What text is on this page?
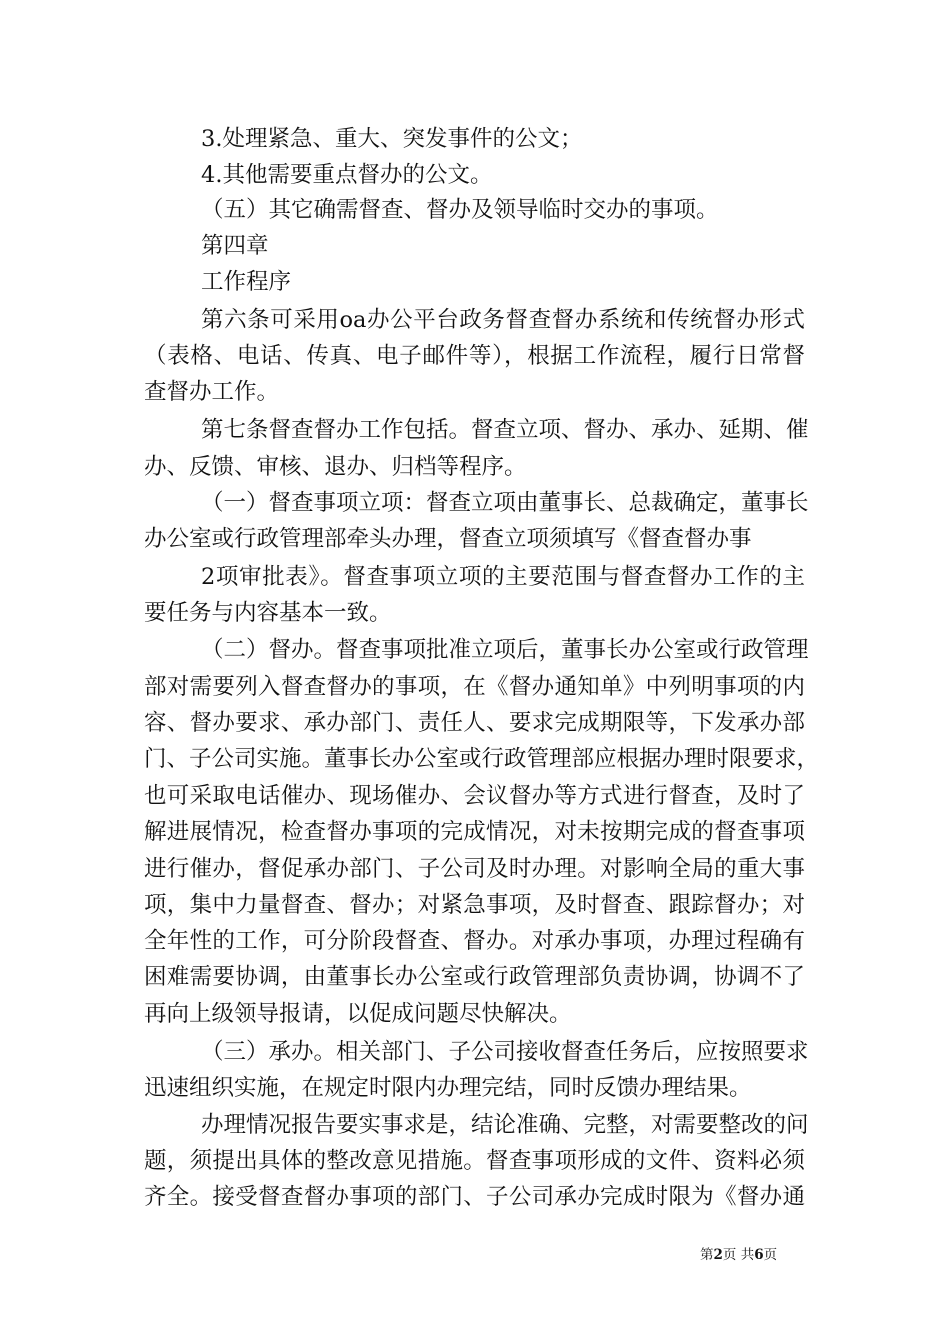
3.处理紧急、重大、突发事件的公文；
4.其他需要重点督办的公文。
（五）其它确需督查、督办及领导临时交办的事项。
第四章
工作程序
第六条可采用oa办公平台政务督查督办系统和传统督办形式
（表格、电话、传真、电子邮件等），根据工作流程，履行日常督
查督办工作。
第七条督查督办工作包括。督查立项、督办、承办、延期、催
办、反馈、审核、退办、归档等程序。
（一）督查事项立项：督查立项由董事长、总裁确定，董事长
办公室或行政管理部牵头办理，督查立项须填写《督查督办事
2项审批表》。督查事项立项的主要范围与督查督办工作的主
要任务与内容基本一致。
（二）督办。督查事项批准立项后，董事长办公室或行政管理
部对需要列入督查督办的事项，在《督办通知单》中列明事项的内
容、督办要求、承办部门、责任人、要求完成期限等，下发承办部
门、子公司实施。董事长办公室或行政管理部应根据办理时限要求，
也可采取电话催办、现场催办、会议督办等方式进行督查，及时了
解进展情况，检查督办事项的完成情况，对未按期完成的督查事项
进行催办，督促承办部门、子公司及时办理。对影响全局的重大事
项，集中力量督查、督办；对紧急事项，及时督查、跟踪督办；对
全年性的工作，可分阶段督查、督办。对承办事项，办理过程确有
困难需要协调，由董事长办公室或行政管理部负责协调，协调不了
再向上级领导报请，以促成问题尽快解决。
（三）承办。相关部门、子公司接收督查任务后，应按照要求
迅速组织实施，在规定时限内办理完结，同时反馈办理结果。
办理情况报告要实事求是，结论准确、完整，对需要整改的问
题，须提出具体的整改意见措施。督查事项形成的文件、资料必须
齐全。接受督查督办事项的部门、子公司承办完成时限为《督办通
第2页 共6页
